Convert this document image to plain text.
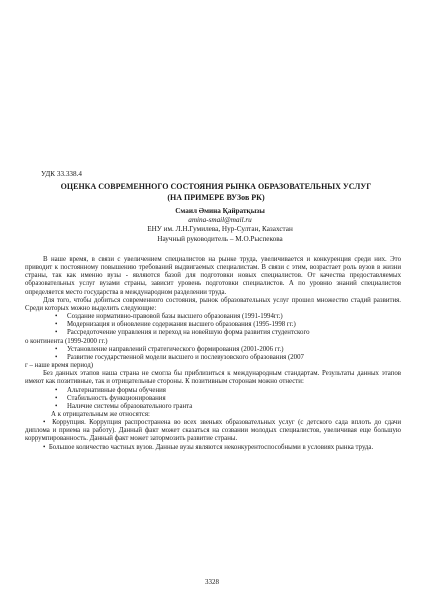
УДК 33.338.4
ОЦЕНКА СОВРЕМЕННОГО СОСТОЯНИЯ РЫНКА ОБРАЗОВАТЕЛЬНЫХ УСЛУГ
(НА ПРИМЕРЕ ВУЗов РК)
Смаил Әмина Қайратқызы
amina-smail@mail.ru
ЕНУ им. Л.Н.Гумилева, Нур-Султан, Казахстан
Научный руководитель – М.О.Рыспекова

В наше время, в связи с увеличением специалистов на рынке труда, увеличивается и конкуренция среди них. Это приводит к постоянному повышению требований выдвигаемых специалистам. В связи с этим, возрастает роль вузов в жизни страны, так как именно вузы - являются базой для подготовки новых специалистов. От качества предоставляемых образовательных услуг вузами страны, зависит уровень подготовки специалистов. А по уровню знаний специалистов определяется место государства в международном разделении труда.

Для того, чтобы добиться современного состояния, рынок образовательных услуг прошел множество стадий развития. Среди которых можно выделить следующие:

• Создание нормативно-правовой базы высшего образования (1991-1994гг.)
• Модернизация и обновление содержания высшего образования (1995-1998 гг.)
• Рассредоточение управления и переход на новейшую форма развития студентского

о континента (1999-2000 гг.)

• Установление направлений стратегического формирования (2001-2006 гг.)
• Развитие государственной модели высшего и послевузовского образования (2007

г – наше время период)

Без данных этапов наша страна не смогла бы приблизиться к международным стандартам. Результаты данных этапов имеют как позитивные, так и отрицательные стороны. К позитивным сторонам можно отнести:

• Альтернативные формы обучения
• Стабильность функционирования
• Наличие системы образовательного гранта

А к отрицательным же относятся:

•  Коррупция. Коррупция распространена во всех звеньях образовательных услуг (с детского сада вплоть до сдачи диплома и приема на работу). Данный факт может сказаться на созвании молодых специалистов, увеличивая еще большую коррумпированность. Данный факт может затормозить развитие страны.

•  Большое количество частных вузов. Данные вузы являются неконкурентоспособными в условиях рынка труда.

3328
